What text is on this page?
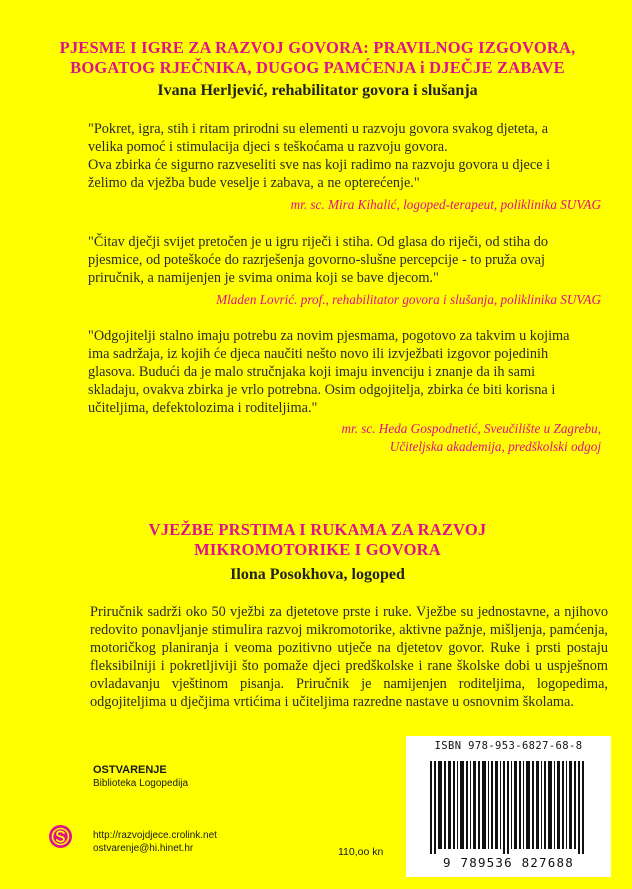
PJESME I IGRE ZA RAZVOJ GOVORA: PRAVILNOG IZGOVORA,
BOGATOG RJEČNIKA, DUGOG PAMĆENJA i DJEČJE ZABAVE
Ivana Herljević, rehabilitator govora i slušanja

"Pokret, igra, stih i ritam prirodni su elementi u razvoju govora svakog djeteta, a

velika pomoć i stimulacija djeci s teškoćama u razvoju govora.

Ova zbirka će sigurno razveseliti sve nas koji radimo na razvoju govora u djece i

želimo da vježba bude veselje i zabava, a ne opterećenje."

mr. sc. Mira Kihalić, logoped-terapeut, poliklinika SUVAG

"Čitav dječji svijet pretočen je u igru riječi i stiha. Od glasa do riječi, od stiha do

pjesmice, od poteškoće do razrješenja govorno-slušne percepcije - to pruža ovaj

priručnik, a namijenjen je svima onima koji se bave djecom."

Mladen Lovrić. prof., rehabilitator govora i slušanja, poliklinika SUVAG

"Odgojitelji stalno imaju potrebu za novim pjesmama, pogotovo za takvim u kojima

ima sadržaja, iz kojih će djeca naučiti nešto novo ili izvježbati izgovor pojedinih

glasova. Budući da je malo stručnjaka koji imaju invenciju i znanje da ih sami

skladaju, ovakva zbirka je vrlo potrebna. Osim odgojitelja, zbirka će biti korisna i

učiteljima, defektolozima i roditeljima."

mr. sc. Heda Gospodnetić, Sveučilište u Zagrebu,
Učiteljska akademija, predškolski odgoj
VJEŽBE PRSTIMA I RUKAMA ZA RAZVOJ
MIKROMOTORIKE I GOVORA
Ilona Posokhova, logoped
Priručnik sadrži oko 50 vježbi za djetetove prste i ruke. Vježbe su jednostavne, a njihovo redovito ponavljanje stimulira razvoj mikromotorike, aktivne pažnje, mišljenja, pamćenja, motoričkog planiranja i veoma pozitivno utječe na djetetov govor. Ruke i prsti postaju fleksibilniji i pokretljiviji što pomaže djeci predškolske i rane školske dobi u uspješnom ovladavanju vještinom pisanja. Priručnik je namijenjen roditeljima, logopedima, odgojiteljima u dječjima vrtićima i učiteljima razredne nastave u osnovnim školama.
OSTVARENJE
Biblioteka Logopedija
http://razvojdjece.crolink.net
ostvarenje@hi.hinet.hr	110,oo kn
ISBN 978-953-6827-68-8
9 789536 827688
